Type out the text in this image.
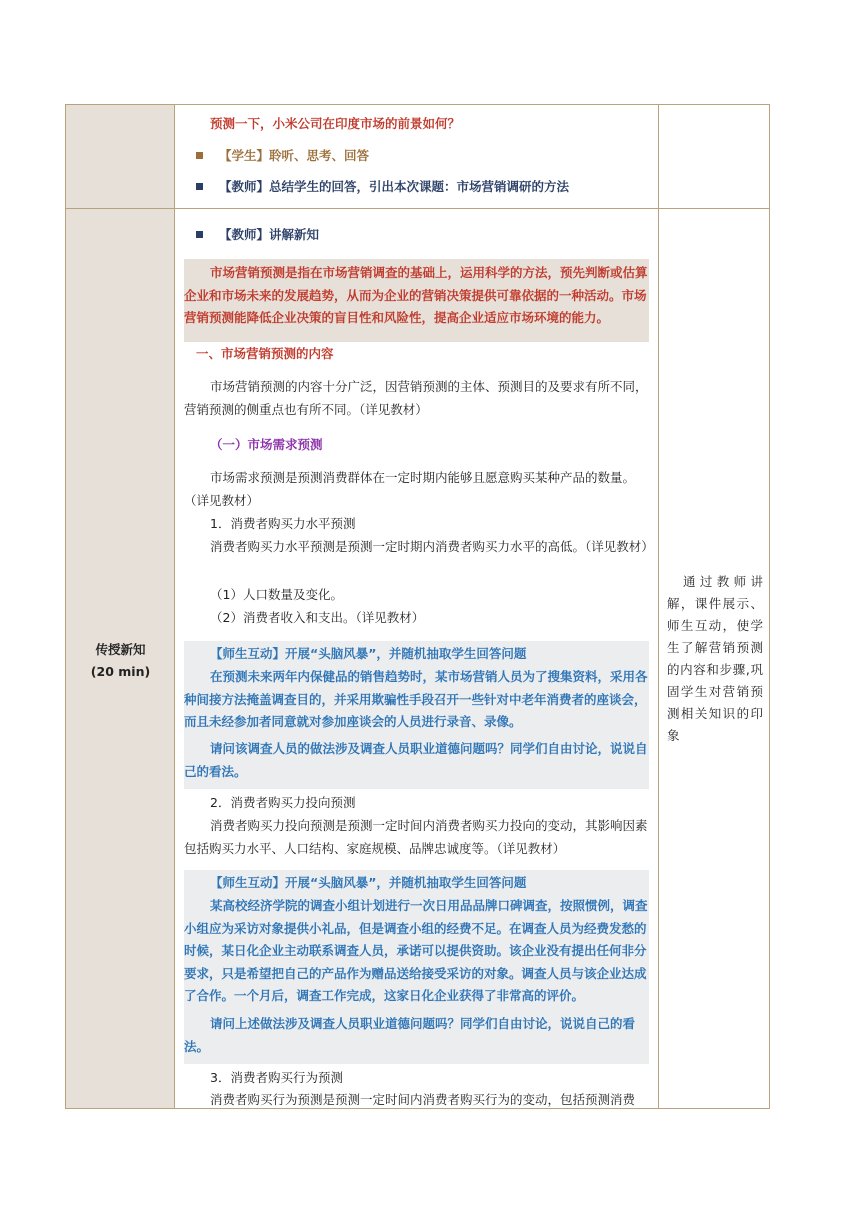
预测一下，小米公司在印度市场的前景如何？
【学生】聆听、思考、回答
【教师】总结学生的回答，引出本次课题：市场营销调研的方法
传授新知
(20 min)
【教师】讲解新知
市场营销预测是指在市场营销调查的基础上，运用科学的方法，预先判断或估算企业和市场未来的发展趋势，从而为企业的营销决策提供可靠依据的一种活动。市场营销预测能降低企业决策的盲目性和风险性，提高企业适应市场环境的能力。
一、市场营销预测的内容
市场营销预测的内容十分广泛，因营销预测的主体、预测目的及要求有所不同，营销预测的侧重点也有所不同。（详见教材）
（一）市场需求预测
市场需求预测是预测消费群体在一定时期内能够且愿意购买某种产品的数量。（详见教材）
1．消费者购买力水平预测
消费者购买力水平预测是预测一定时期内消费者购买力水平的高低。（详见教材）
（1）人口数量及变化。
（2）消费者收入和支出。（详见教材）
【师生互动】开展“头脑风暴”，并随机抽取学生回答问题
在预测未来两年内保健品的销售趋势时，某市场营销人员为了搜集资料，采用各种间接方法掩盖调查目的，并采用欺骗性手段召开一些针对中老年消费者的座谈会，而且未经参加者同意就对参加座谈会的人员进行录音、录像。
请问该调查人员的做法涉及调查人员职业道德问题吗？同学们自由讨论，说说自己的看法。
2．消费者购买力投向预测
消费者购买力投向预测是预测一定时间内消费者购买力投向的变动，其影响因素包括购买力水平、人口结构、家庭规模、品牌忠诚度等。（详见教材）
【师生互动】开展“头脑风暴”，并随机抽取学生回答问题
某高校经济学院的调查小组计划进行一次日用品品牌口碑调查，按照惯例，调查小组应为采访对象提供小礼品，但是调查小组的经费不足。在调查人员为经费发愁的时候，某日化企业主动联系调查人员，承诺可以提供资助。该企业没有提出任何非分要求，只是希望把自己的产品作为赠品送给接受采访的对象。调查人员与该企业达成了合作。一个月后，调查工作完成，这家日化企业获得了非常高的评价。
请问上述做法涉及调查人员职业道德问题吗？同学们自由讨论，说说自己的看法。
3．消费者购买行为预测
消费者购买行为预测是预测一定时间内消费者购买行为的变动，包括预测消费
通过教师讲解，课件展示、师生互动，使学生了解营销预测的内容和步骤,巩固学生对营销预测相关知识的印象
